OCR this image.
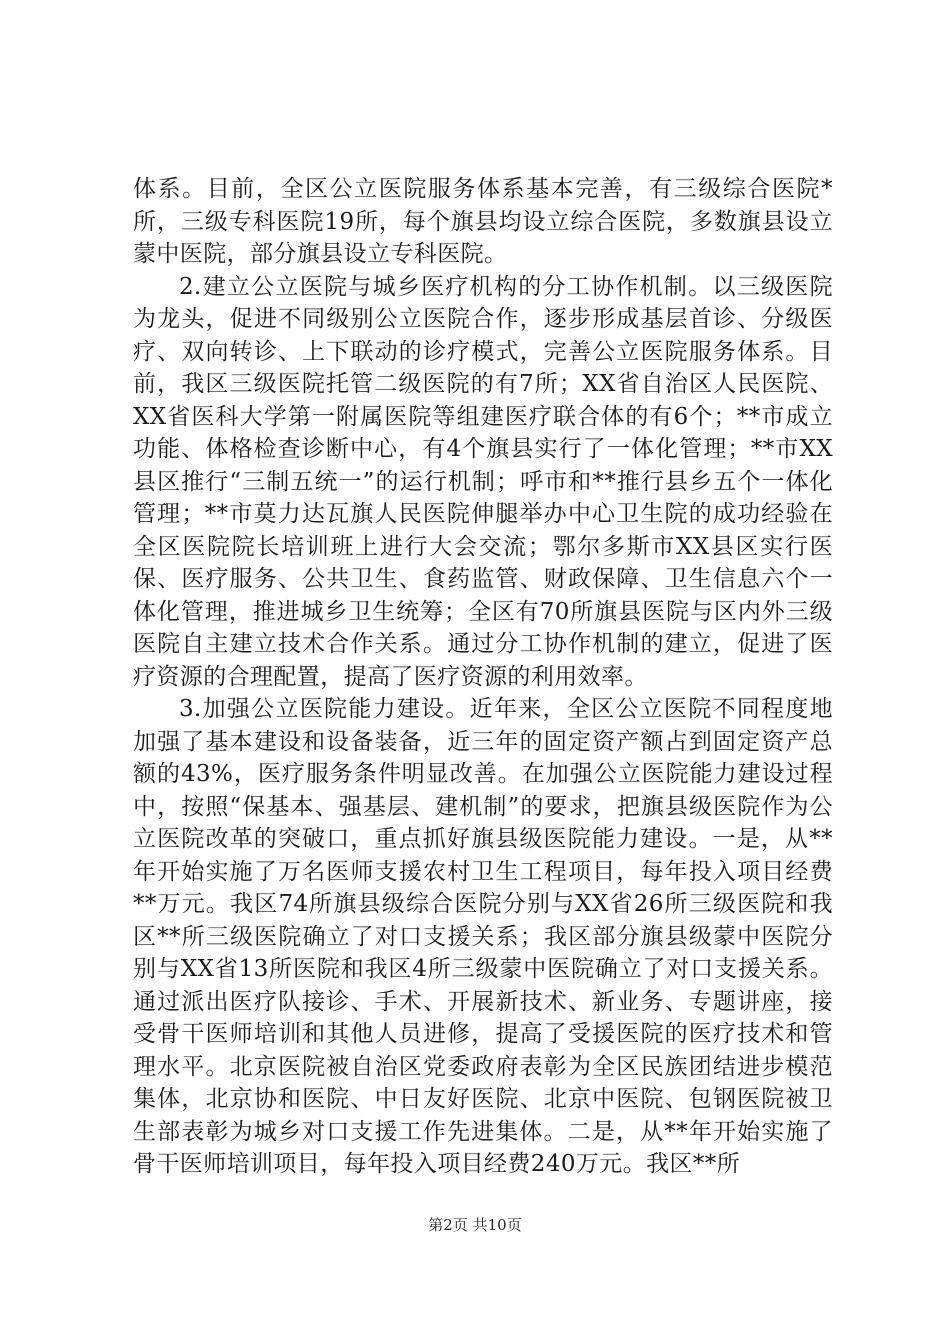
体系。目前，全区公立医院服务体系基本完善，有三级综合医院*所，三级专科医院19所，每个旗县均设立综合医院，多数旗县设立蒙中医院，部分旗县设立专科医院。

2.建立公立医院与城乡医疗机构的分工协作机制。以三级医院为龙头，促进不同级别公立医院合作，逐步形成基层首诊、分级医疗、双向转诊、上下联动的诊疗模式，完善公立医院服务体系。目前，我区三级医院托管二级医院的有7所；XX省自治区人民医院、XX省医科大学第一附属医院等组建医疗联合体的有6个；**市成立功能、体格检查诊断中心，有4个旗县实行了一体化管理；**市XX县区推行“三制五统一”的运行机制；呼市和**推行县乡五个一体化管理；**市莫力达瓦旗人民医院伸腿举办中心卫生院的成功经验在全区医院院长培训班上进行大会交流；鄂尔多斯市XX县区实行医保、医疗服务、公共卫生、食药监管、财政保障、卫生信息六个一体化管理，推进城乡卫生统筹；全区有70所旗县医院与区内外三级医院自主建立技术合作关系。通过分工协作机制的建立，促进了医疗资源的合理配置，提高了医疗资源的利用效率。

3.加强公立医院能力建设。近年来，全区公立医院不同程度地加强了基本建设和设备装备，近三年的固定资产额占到固定资产总额的43%，医疗服务条件明显改善。在加强公立医院能力建设过程中，按照“保基本、强基层、建机制”的要求，把旗县级医院作为公立医院改革的突破口，重点抓好旗县级医院能力建设。一是，从**年开始实施了万名医师支援农村卫生工程项目，每年投入项目经费**万元。我区74所旗县级综合医院分别与XX省26所三级医院和我区**所三级医院确立了对口支援关系；我区部分旗县级蒙中医院分别与XX省13所医院和我区4所三级蒙中医院确立了对口支援关系。通过派出医疗队接诊、手术、开展新技术、新业务、专题讲座，接受骨干医师培训和其他人员进修，提高了受援医院的医疗技术和管理水平。北京医院被自治区党委政府表彰为全区民族团结进步模范集体，北京协和医院、中日友好医院、北京中医院、包钢医院被卫生部表彰为城乡对口支援工作先进集体。二是，从**年开始实施了骨干医师培训项目，每年投入项目经费240万元。我区**所

第2页 共10页
